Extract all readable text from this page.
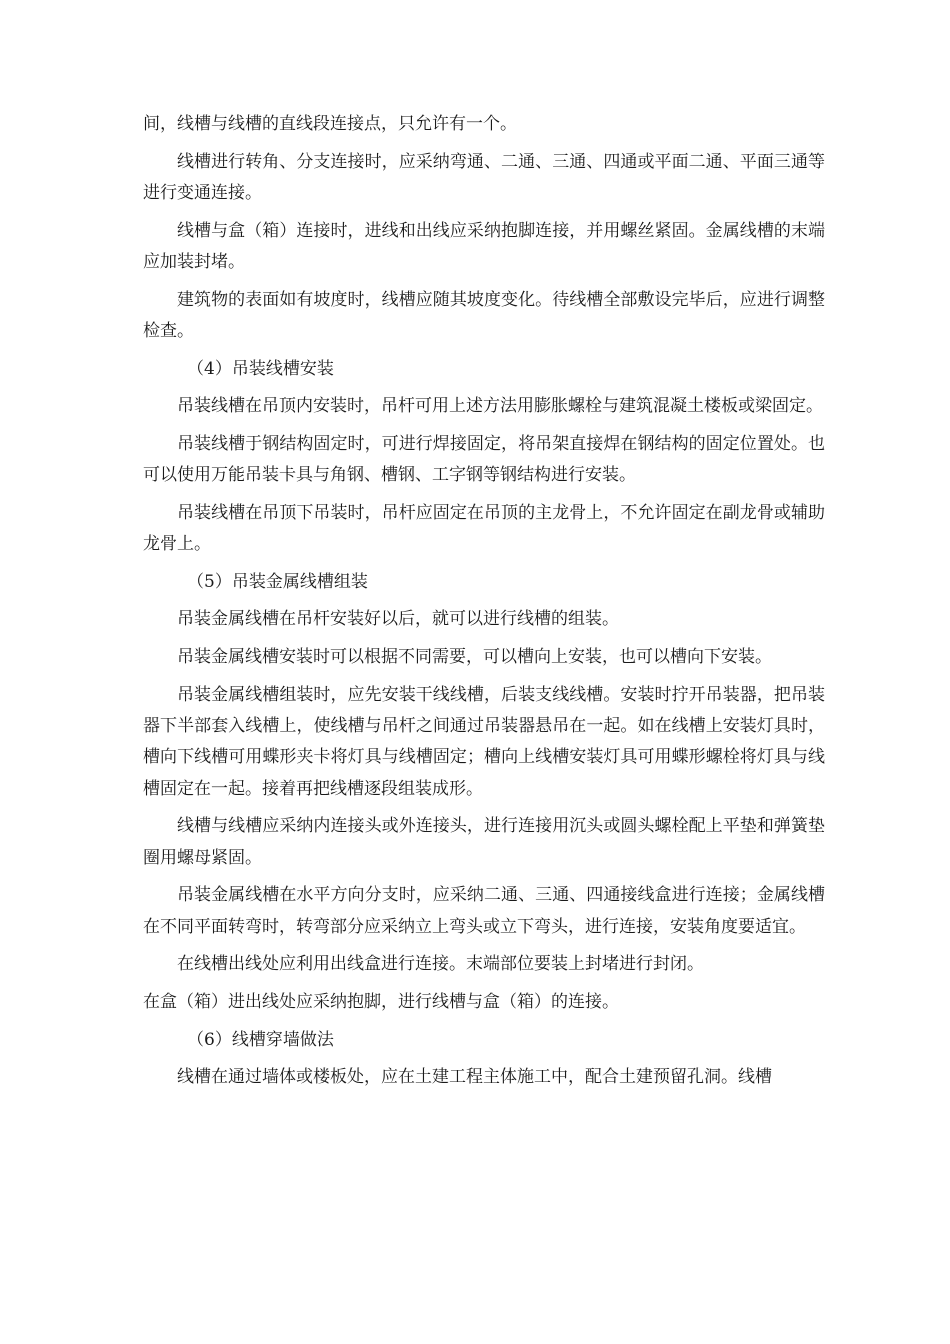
间，线槽与线槽的直线段连接点，只允许有一个。

线槽进行转角、分支连接时，应采纳弯通、二通、三通、四通或平面二通、平面三通等进行变通连接。

线槽与盒（箱）连接时，进线和出线应采纳抱脚连接，并用螺丝紧固。金属线槽的末端应加装封堵。

建筑物的表面如有坡度时，线槽应随其坡度变化。待线槽全部敷设完毕后，应进行调整检查。

（4）吊装线槽安装

吊装线槽在吊顶内安装时，吊杆可用上述方法用膨胀螺栓与建筑混凝土楼板或梁固定。

吊装线槽于钢结构固定时，可进行焊接固定，将吊架直接焊在钢结构的固定位置处。也可以使用万能吊装卡具与角钢、槽钢、工字钢等钢结构进行安装。

吊装线槽在吊顶下吊装时，吊杆应固定在吊顶的主龙骨上，不允许固定在副龙骨或辅助龙骨上。

（5）吊装金属线槽组装

吊装金属线槽在吊杆安装好以后，就可以进行线槽的组装。

吊装金属线槽安装时可以根据不同需要，可以槽向上安装，也可以槽向下安装。

吊装金属线槽组装时，应先安装干线线槽，后装支线线槽。安装时拧开吊装器，把吊装器下半部套入线槽上，使线槽与吊杆之间通过吊装器悬吊在一起。如在线槽上安装灯具时，槽向下线槽可用蝶形夹卡将灯具与线槽固定；槽向上线槽安装灯具可用蝶形螺栓将灯具与线槽固定在一起。接着再把线槽逐段组装成形。

线槽与线槽应采纳内连接头或外连接头，进行连接用沉头或圆头螺栓配上平垫和弹簧垫圈用螺母紧固。

吊装金属线槽在水平方向分支时，应采纳二通、三通、四通接线盒进行连接；金属线槽在不同平面转弯时，转弯部分应采纳立上弯头或立下弯头，进行连接，安装角度要适宜。

在线槽出线处应利用出线盒进行连接。末端部位要装上封堵进行封闭。

在盒（箱）进出线处应采纳抱脚，进行线槽与盒（箱）的连接。

（6）线槽穿墙做法

线槽在通过墙体或楼板处，应在土建工程主体施工中，配合土建预留孔洞。线槽
